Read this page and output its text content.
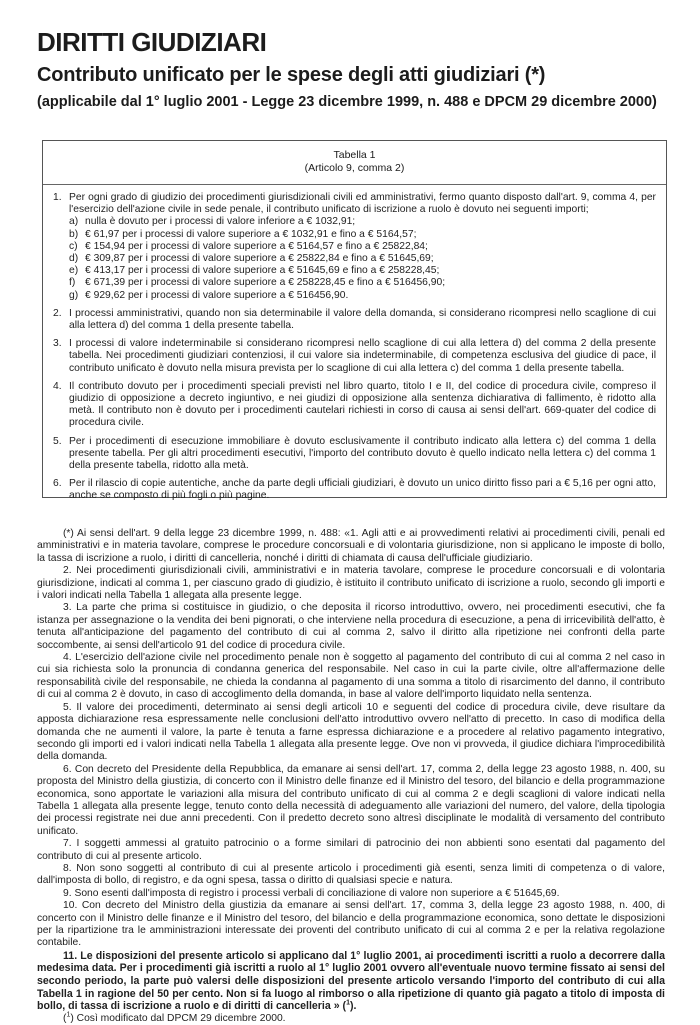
DIRITTI GIUDIZIARI
Contributo unificato per le spese degli atti giudiziari (*)
(applicabile dal 1° luglio 2001 - Legge 23 dicembre 1999, n. 488 e DPCM 29 dicembre 2000)
Tabella 1
(Articolo 9, comma 2)
1. Per ogni grado di giudizio dei procedimenti giurisdizionali civili ed amministrativi, fermo quanto disposto dall'art. 9, comma 4, per l'esercizio dell'azione civile in sede penale, il contributo unificato di iscrizione a ruolo è dovuto nei seguenti importi;
a) nulla è dovuto per i processi di valore inferiore a € 1032,91;
b) € 61,97 per i processi di valore superiore a € 1032,91 e fino a € 5164,57;
c) € 154,94 per i processi di valore superiore a € 5164,57 e fino a € 25822,84;
d) € 309,87 per i processi di valore superiore a € 25822,84 e fino a € 51645,69;
e) € 413,17 per i processi di valore superiore a € 51645,69 e fino a € 258228,45;
f) € 671,39 per i processi di valore superiore a € 258228,45 e fino a € 516456,90;
g) € 929,62 per i processi di valore superiore a € 516456,90.
2. I processi amministrativi, quando non sia determinabile il valore della domanda, si considerano ricompresi nello scaglione di cui alla lettera d) del comma 1 della presente tabella.
3. I processi di valore indeterminabile si considerano ricompresi nello scaglione di cui alla lettera d) del comma 2 della presente tabella. Nei procedimenti giudiziari contenziosi, il cui valore sia indeterminabile, di competenza esclusiva del giudice di pace, il contributo unificato è dovuto nella misura prevista per lo scaglione di cui alla lettera c) del comma 1 della presente tabella.
4. Il contributo dovuto per i procedimenti speciali previsti nel libro quarto, titolo I e II, del codice di procedura civile, compreso il giudizio di opposizione a decreto ingiuntivo, e nei giudizi di opposizione alla sentenza dichiarativa di fallimento, è ridotto alla metà. Il contributo non è dovuto per i procedimenti cautelari richiesti in corso di causa ai sensi dell'art. 669-quater del codice di procedura civile.
5. Per i procedimenti di esecuzione immobiliare è dovuto esclusivamente il contributo indicato alla lettera c) del comma 1 della presente tabella. Per gli altri procedimenti esecutivi, l'importo del contributo dovuto è quello indicato nella lettera c) del comma 1 della presente tabella, ridotto alla metà.
6. Per il rilascio di copie autentiche, anche da parte degli ufficiali giudiziari, è dovuto un unico diritto fisso pari a € 5,16 per ogni atto, anche se composto di più fogli o più pagine.

(*) Ai sensi dell'art. 9 della legge 23 dicembre 1999, n. 488: «1. Agli atti e ai provvedimenti relativi ai procedimenti civili, penali ed amministrativi e in materia tavolare, comprese le procedure concorsuali e di volontaria giurisdizione, non si applicano le imposte di bollo, la tassa di iscrizione a ruolo, i diritti di cancelleria, nonché i diritti di chiamata di causa dell'ufficiale giudiziario.

2. Nei procedimenti giurisdizionali civili, amministrativi e in materia tavolare, comprese le procedure concorsuali e di volontaria giurisdizione, indicati al comma 1, per ciascuno grado di giudizio, è istituito il contributo unificato di iscrizione a ruolo, secondo gli importi e i valori indicati nella Tabella 1 allegata alla presente legge.

3. La parte che prima si costituisce in giudizio, o che deposita il ricorso introduttivo, ovvero, nei procedimenti esecutivi, che fa istanza per assegnazione o la vendita dei beni pignorati, o che interviene nella procedura di esecuzione, a pena di irricevibilità dell'atto, è tenuta all'anticipazione del pagamento del contributo di cui al comma 2, salvo il diritto alla ripetizione nei confronti della parte soccombente, ai sensi dell'articolo 91 del codice di procedura civile.

4. L'esercizio dell'azione civile nel procedimento penale non è soggetto al pagamento del contributo di cui al comma 2 nel caso in cui sia richiesta solo la pronuncia di condanna generica del responsabile. Nel caso in cui la parte civile, oltre all'affermazione delle responsabilità civile del responsabile, ne chieda la condanna al pagamento di una somma a titolo di risarcimento del danno, il contributo di cui al comma 2 è dovuto, in caso di accoglimento della domanda, in base al valore dell'importo liquidato nella sentenza.

5. Il valore dei procedimenti, determinato ai sensi degli articoli 10 e seguenti del codice di procedura civile, deve risultare da apposta dichiarazione resa espressamente nelle conclusioni dell'atto introduttivo ovvero nell'atto di precetto. In caso di modifica della domanda che ne aumenti il valore, la parte è tenuta a farne espressa dichiarazione e a procedere al relativo pagamento integrativo, secondo gli importi ed i valori indicati nella Tabella 1 allegata alla presente legge. Ove non vi provveda, il giudice dichiara l'improcedibilità della domanda.

6. Con decreto del Presidente della Repubblica, da emanare ai sensi dell'art. 17, comma 2, della legge 23 agosto 1988, n. 400, su proposta del Ministro della giustizia, di concerto con il Ministro delle finanze ed il Ministro del tesoro, del bilancio e della programmazione economica, sono apportate le variazioni alla misura del contributo unificato di cui al comma 2 e degli scaglioni di valore indicati nella Tabella 1 allegata alla presente legge, tenuto conto della necessità di adeguamento alle variazioni del numero, del valore, della tipologia dei processi registrate nei due anni precedenti. Con il predetto decreto sono altresì disciplinate le modalità di versamento del contributo unificato.

7. I soggetti ammessi al gratuito patrocinio o a forme similari di patrocinio dei non abbienti sono esentati dal pagamento del contributo di cui al presente articolo.

8. Non sono soggetti al contributo di cui al presente articolo i procedimenti già esenti, senza limiti di competenza o di valore, dall'imposta di bollo, di registro, e da ogni spesa, tassa o diritto di qualsiasi specie e natura.

9. Sono esenti dall'imposta di registro i processi verbali di conciliazione di valore non superiore a € 51645,69.

10. Con decreto del Ministro della giustizia da emanare ai sensi dell'art. 17, comma 3, della legge 23 agosto 1988, n. 400, di concerto con il Ministro delle finanze e il Ministro del tesoro, del bilancio e della programmazione economica, sono dettate le disposizioni per la ripartizione tra le amministrazioni interessate dei proventi del contributo unificato di cui al comma 2 e per la relativa regolazione contabile.

11. Le disposizioni del presente articolo si applicano dal 1° luglio 2001, ai procedimenti iscritti a ruolo a decorrere dalla medesima data. Per i procedimenti già iscritti a ruolo al 1° luglio 2001 ovvero all'eventuale nuovo termine fissato ai sensi del secondo periodo, la parte può valersi delle disposizioni del presente articolo versando l'importo del contributo di cui alla Tabella 1 in ragione del 50 per cento. Non si fa luogo al rimborso o alla ripetizione di quanto già pagato a titolo di imposta di bollo, di tassa di iscrizione a ruolo e di diritti di cancelleria » ($^1$).

($^1$) Così modificato dal DPCM 29 dicembre 2000.
